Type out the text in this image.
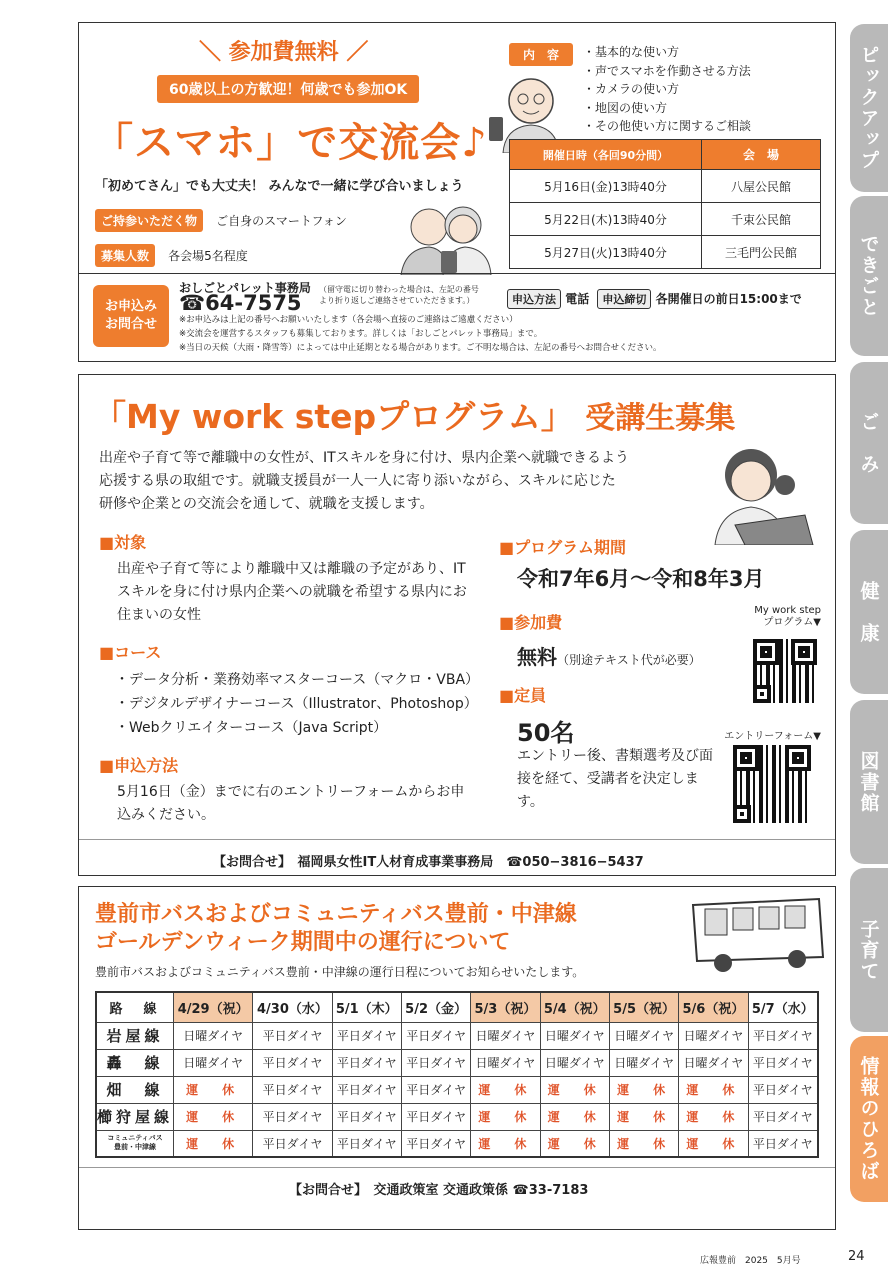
ピックアップ
できごと
ご　み
健　康
図書館
子育て
情報のひろば
＼ 参加費無料 ／
60歳以上の方歓迎！何歳でも参加OK
「スマホ」で交流会♪
「初めてさん」でも大丈夫！ みんなで一緒に学び合いましょう
ご持参いただく物 ご自身のスマートフォン
募集人数 各会場5名程度
内　容	・基本的な使い方
・声でスマホを作動させる方法
・カメラの使い方
・地図の使い方
・その他使い方に関するご相談
開催日時（各回90分間）	会　場
5月16日(金)13時40分	八屋公民館
5月22日(木)13時40分	千束公民館
5月27日(火)13時40分	三毛門公民館
お申込み
お問合せ
おしごとパレット事務局
☎64-7575
（留守電に切り替わった場合は、左記の番号
より折り返しご連絡させていただきます。）	申込方法 電話 申込締切 各開催日の前日15:00まで
※お申込みは上記の番号へお願いいたします（各会場へ直接のご連絡はご遠慮ください）
※交流会を運営するスタッフも募集しております。詳しくは「おしごとパレット事務局」まで。
※当日の天候（大雨・降雪等）によっては中止延期となる場合があります。ご不明な場合は、左記の番号へお問合せください。
「My work stepプログラム」 受講生募集
出産や子育て等で離職中の女性が、ITスキルを身に付け、県内企業へ就職できるよう応援する県の取組です。就職支援員が一人一人に寄り添いながら、スキルに応じた研修や企業との交流会を通して、就職を支援します。
■対象
出産や子育て等により離職中又は離職の予定があり、ITスキルを身に付け県内企業への就職を希望する県内にお住まいの女性
■コース
・データ分析・業務効率マスターコース（マクロ・VBA）
・デジタルデザイナーコース（Illustrator、Photoshop）
・Webクリエイターコース（Java Script）
■申込方法
5月16日（金）までに右のエントリーフォームからお申込みください。
■プログラム期間
令和7年6月～令和8年3月
■参加費
無料（別途テキスト代が必要）
■定員
50名
エントリー後、書類選考及び面接を経て、受講者を決定します。
My work step
プログラム▼
エントリーフォーム▼
【お問合せ】　福岡県女性IT人材育成事業事務局　☎050−3816−5437
豊前市バスおよびコミュニティバス豊前・中津線
ゴールデンウィーク期間中の運行について
豊前市バスおよびコミュニティバス豊前・中津線の運行日程についてお知らせいたします。
路　線	4/29（祝）	4/30（水）	5/1（木）	5/2（金）	5/3（祝）	5/4（祝）	5/5（祝）	5/6（祝）	5/7（水）
岩屋線	日曜ダイヤ	平日ダイヤ	平日ダイヤ	平日ダイヤ	日曜ダイヤ	日曜ダイヤ	日曜ダイヤ	日曜ダイヤ	平日ダイヤ
轟　線	日曜ダイヤ	平日ダイヤ	平日ダイヤ	平日ダイヤ	日曜ダイヤ	日曜ダイヤ	日曜ダイヤ	日曜ダイヤ	平日ダイヤ
畑　線	運　休	平日ダイヤ	平日ダイヤ	平日ダイヤ	運　休	運　休	運　休	運　休	平日ダイヤ
櫛狩屋線	運　休	平日ダイヤ	平日ダイヤ	平日ダイヤ	運　休	運　休	運　休	運　休	平日ダイヤ
コミュニティバス
豊前・中津線	運　休	平日ダイヤ	平日ダイヤ	平日ダイヤ	運　休	運　休	運　休	運　休	平日ダイヤ
【お問合せ】　交通政策室 交通政策係 ☎33-7183
広報豊前　2025　5月号	24
